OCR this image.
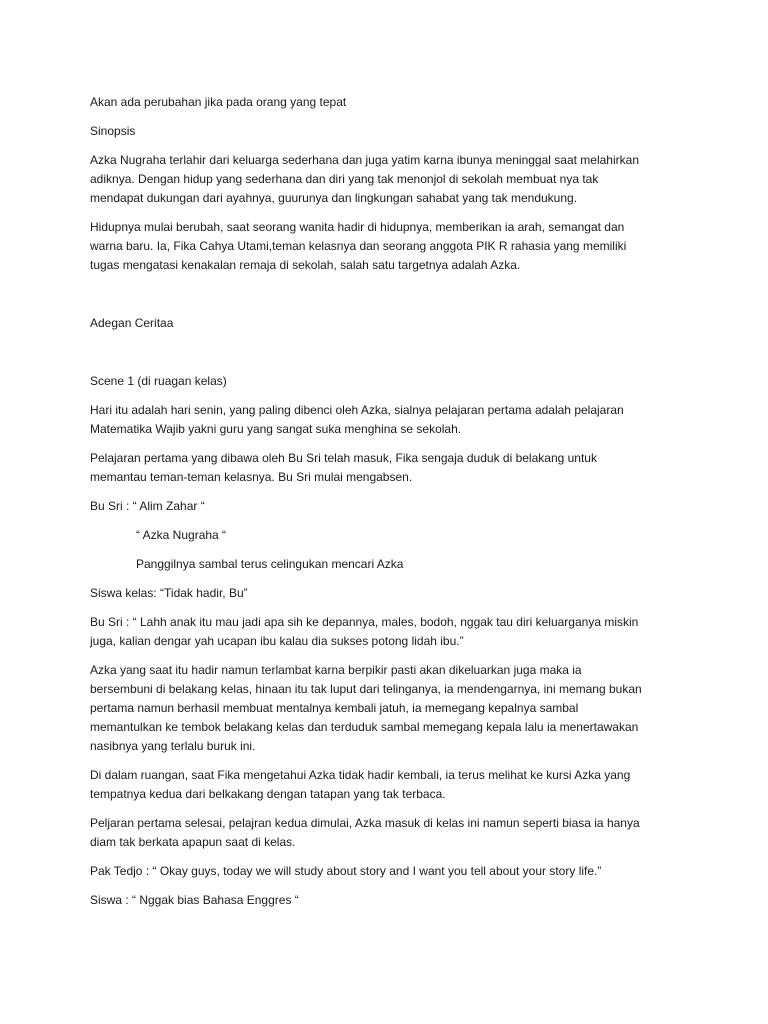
Akan ada perubahan jika pada orang yang tepat
Sinopsis
Azka Nugraha terlahir dari keluarga sederhana dan juga yatim karna ibunya meninggal saat melahirkan
adiknya. Dengan hidup yang sederhana dan diri yang tak menonjol di sekolah membuat nya tak
mendapat dukungan dari ayahnya, guurunya dan lingkungan sahabat yang tak mendukung.
Hidupnya mulai berubah, saat seorang wanita hadir di hidupnya, memberikan ia arah, semangat dan
warna baru. Ia, Fika Cahya Utami,teman kelasnya dan seorang anggota PIK R rahasia yang memiliki
tugas mengatasi kenakalan remaja di sekolah, salah satu targetnya adalah Azka.
Adegan Ceritaa
Scene 1 (di ruagan kelas)
Hari itu adalah hari senin, yang paling dibenci oleh Azka, sialnya pelajaran pertama adalah pelajaran
Matematika Wajib yakni guru yang sangat suka menghina se sekolah.
Pelajaran pertama yang dibawa oleh Bu Sri telah masuk, Fika sengaja duduk di belakang untuk
memantau teman-teman kelasnya. Bu Sri mulai mengabsen.
Bu Sri : “ Alim Zahar “
“ Azka Nugraha “
Panggilnya sambal terus celingukan mencari Azka
Siswa kelas: “Tidak hadir, Bu”
Bu Sri : “ Lahh anak itu mau jadi apa sih ke depannya, males, bodoh, nggak tau diri keluarganya miskin
juga, kalian dengar yah ucapan ibu kalau dia sukses potong lidah ibu.”
Azka yang saat itu hadir namun terlambat karna berpikir pasti akan dikeluarkan juga maka ia
bersembuni di belakang kelas, hinaan itu tak luput dari telinganya, ia mendengarnya, ini memang bukan
pertama namun berhasil membuat mentalnya kembali jatuh, ia memegang kepalnya sambal
memantulkan ke tembok belakang kelas dan terduduk sambal memegang kepala lalu ia menertawakan
nasibnya yang terlalu buruk ini.
Di dalam ruangan, saat Fika mengetahui Azka tidak hadir kembali, ia terus melihat ke kursi Azka yang
tempatnya kedua dari belkakang dengan tatapan yang tak terbaca.
Peljaran pertama selesai, pelajran kedua dimulai, Azka masuk di kelas ini namun seperti biasa ia hanya
diam tak berkata apapun saat di kelas.
Pak Tedjo : “ Okay guys, today we will study about story and I want you tell about your story life.”
Siswa : “ Nggak bias Bahasa Enggres “
